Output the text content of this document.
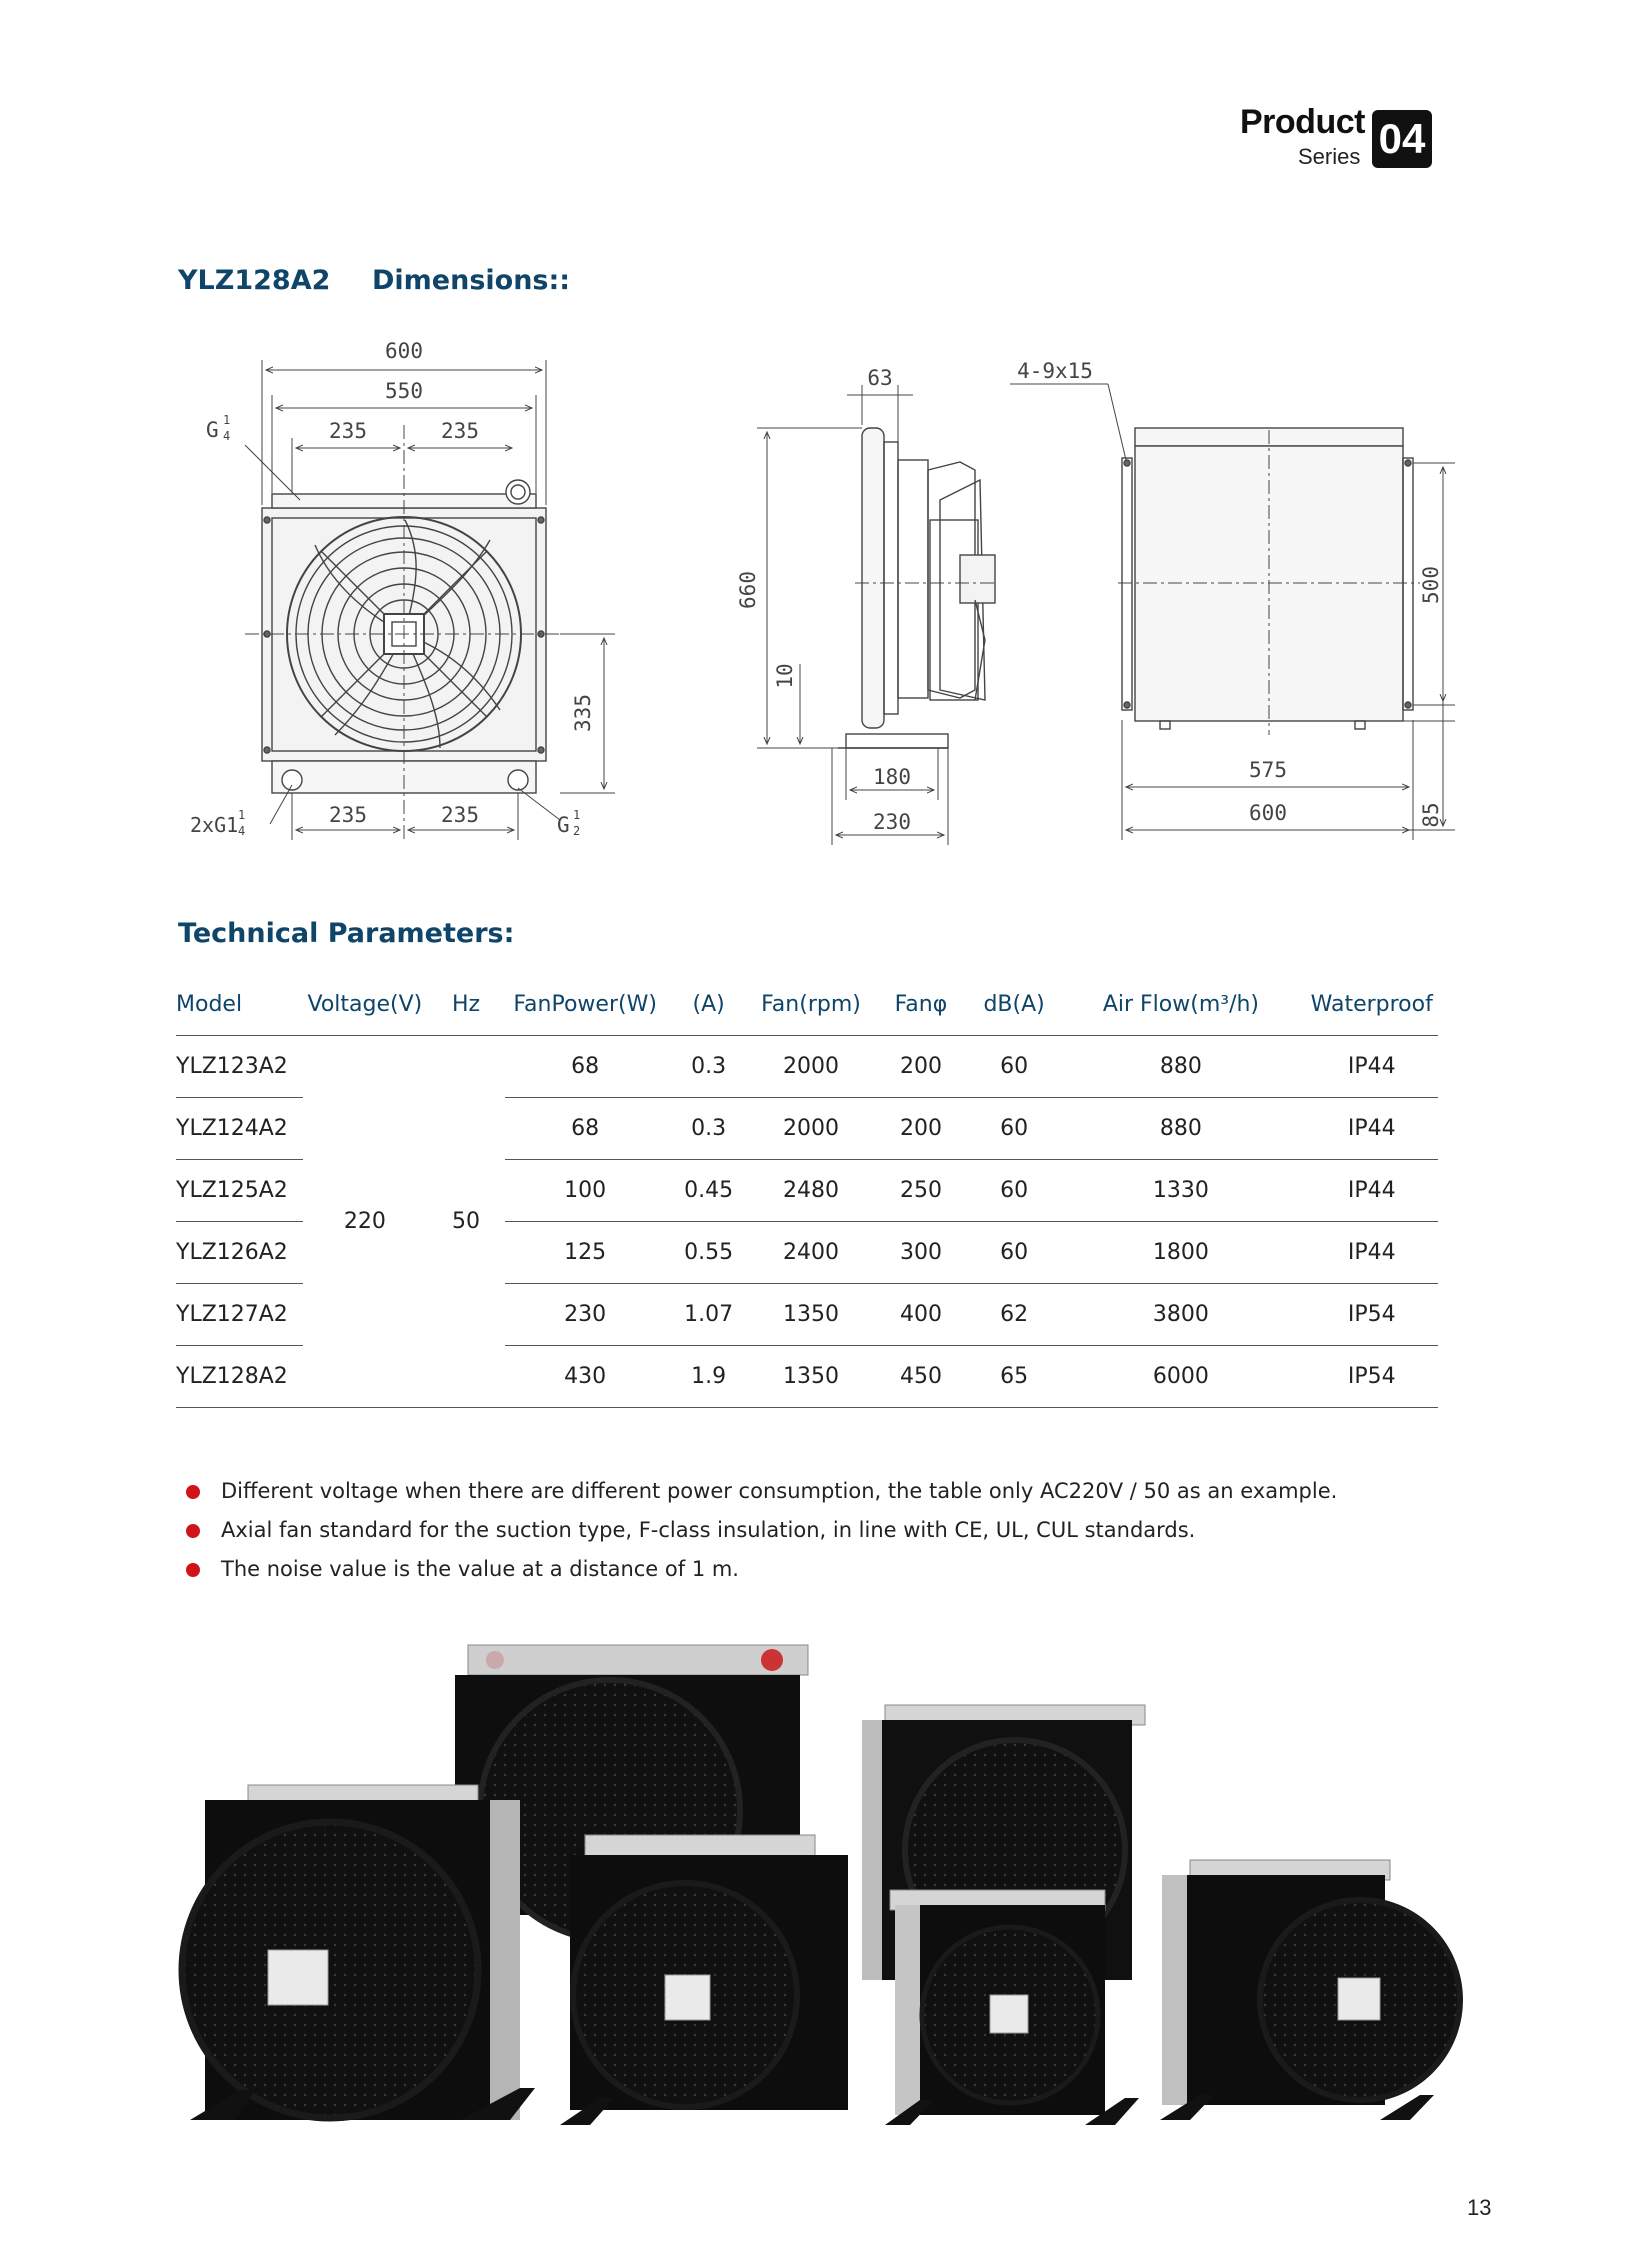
Product
Series 04
YLZ128A2 Dimensions::
600
550
235	235
235	235
335
G 1
4
2xG1 1
4	G 1
2
63
660
10
180
230
4-9x15
500
575
600	85
Technical Parameters:
Model	Voltage(V)	Hz	FanPower(W)	(A)	Fan(rpm)	Fanφ	dB(A)	Air Flow(m³/h)	Waterproof
YLZ123A2	220	50	68	0.3	2000	200	60	880	IP44
YLZ124A2			68	0.3	2000	200	60	880	IP44
YLZ125A2			100	0.45	2480	250	60	1330	IP44
YLZ126A2			125	0.55	2400	300	60	1800	IP44
YLZ127A2			230	1.07	1350	400	62	3800	IP54
YLZ128A2			430	1.9	1350	450	65	6000	IP54
Different voltage when there are different power consumption, the table only AC220V / 50 as an example.
Axial fan standard for the suction type, F-class insulation, in line with CE, UL, CUL standards.
The noise value is the value at a distance of 1 m.
13
